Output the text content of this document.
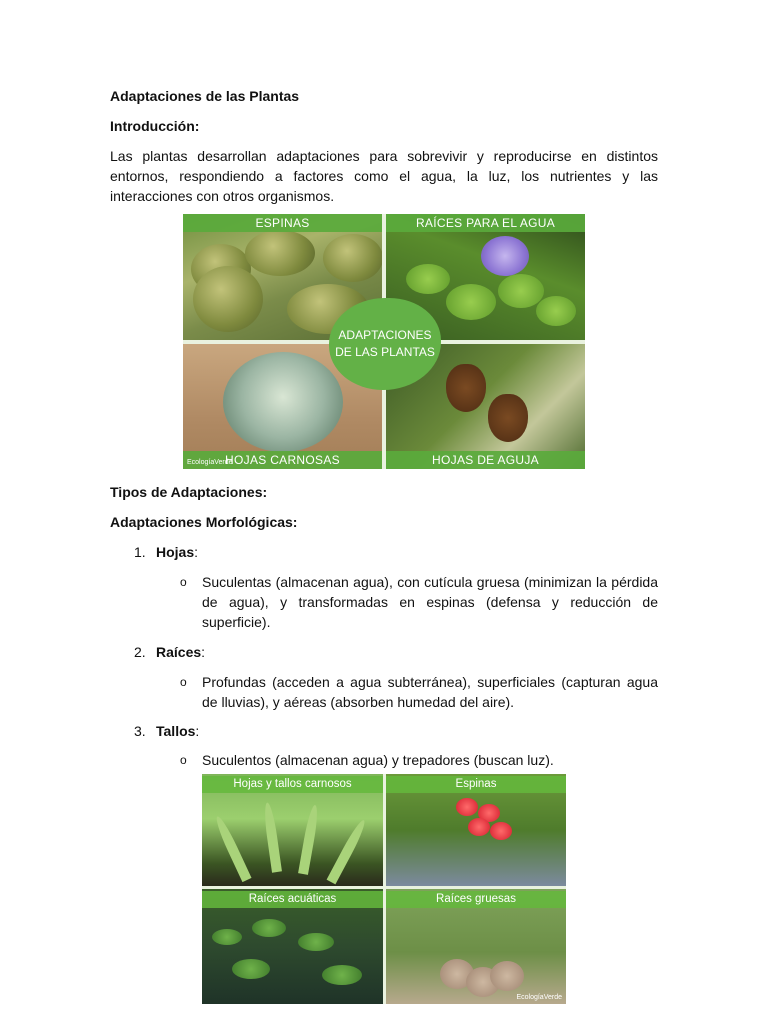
Adaptaciones de las Plantas
Introducción:
Las plantas desarrollan adaptaciones para sobrevivir y reproducirse en distintos entornos, respondiendo a factores como el agua, la luz, los nutrientes y las interacciones con otros organismos.
ESPINAS	RAÍCES PARA EL AGUA
HOJAS CARNOSAS
EcologíaVerde	HOJAS DE AGUJA
ADAPTACIONES DE LAS PLANTAS
Tipos de Adaptaciones:
Adaptaciones Morfológicas:
1. Hojas:
o Suculentas (almacenan agua), con cutícula gruesa (minimizan la pérdida de agua), y transformadas en espinas (defensa y reducción de superficie).
2. Raíces:
o Profundas (acceden a agua subterránea), superficiales (capturan agua de lluvias), y aéreas (absorben humedad del aire).
3. Tallos:
o Suculentos (almacenan agua) y trepadores (buscan luz).
Hojas y tallos carnosos	Espinas
Raíces acuáticas	Raíces gruesas
EcologíaVerde
